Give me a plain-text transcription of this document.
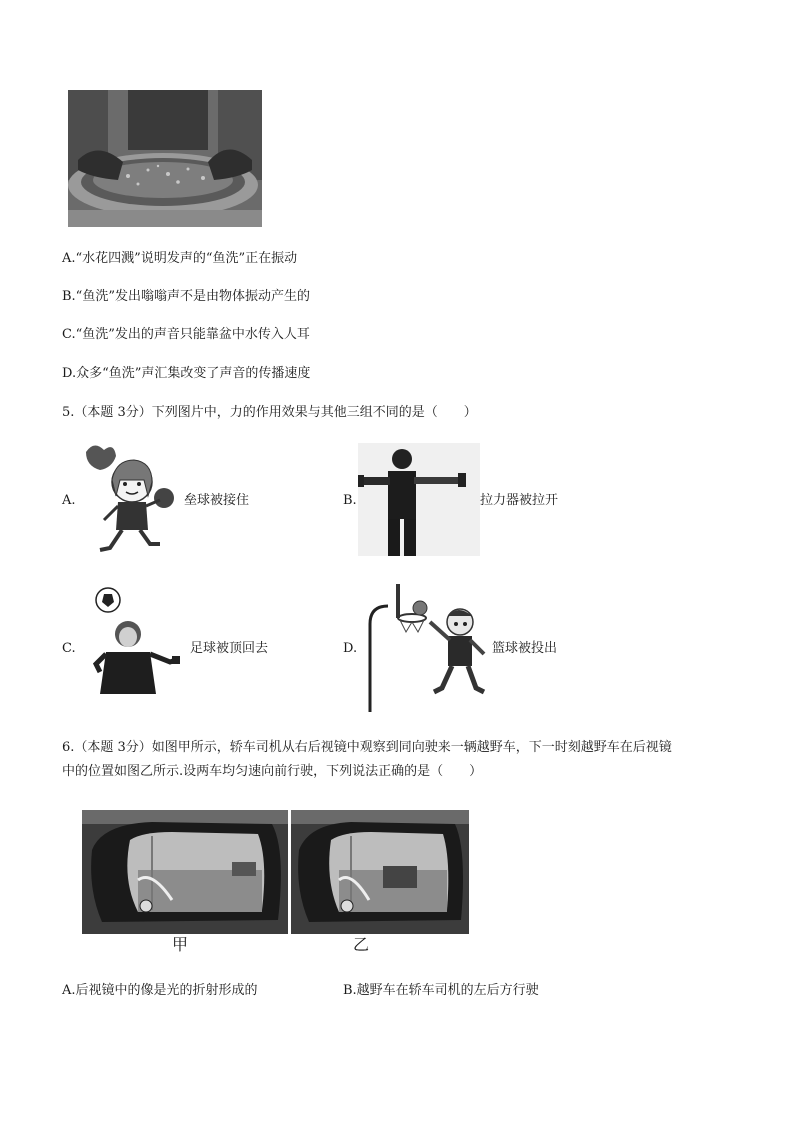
A.“水花四溅”说明发声的“鱼洗”正在振动
B.“鱼洗”发出嗡嗡声不是由物体振动产生的
C.“鱼洗”发出的声音只能靠盆中水传入人耳
D.众多“鱼洗”声汇集改变了声音的传播速度
5.（本题 3分）下列图片中，力的作用效果与其他三组不同的是（　　）
A.	垒球被接住	B.	拉力器被拉开
C.	足球被顶回去	D.	篮球被投出
6.（本题 3分）如图甲所示，轿车司机从右后视镜中观察到同向驶来一辆越野车，下一时刻越野车在后视镜
中的位置如图乙所示.设两车均匀速向前行驶，下列说法正确的是（　　）
甲	乙
A.后视镜中的像是光的折射形成的	B.越野车在轿车司机的左后方行驶
